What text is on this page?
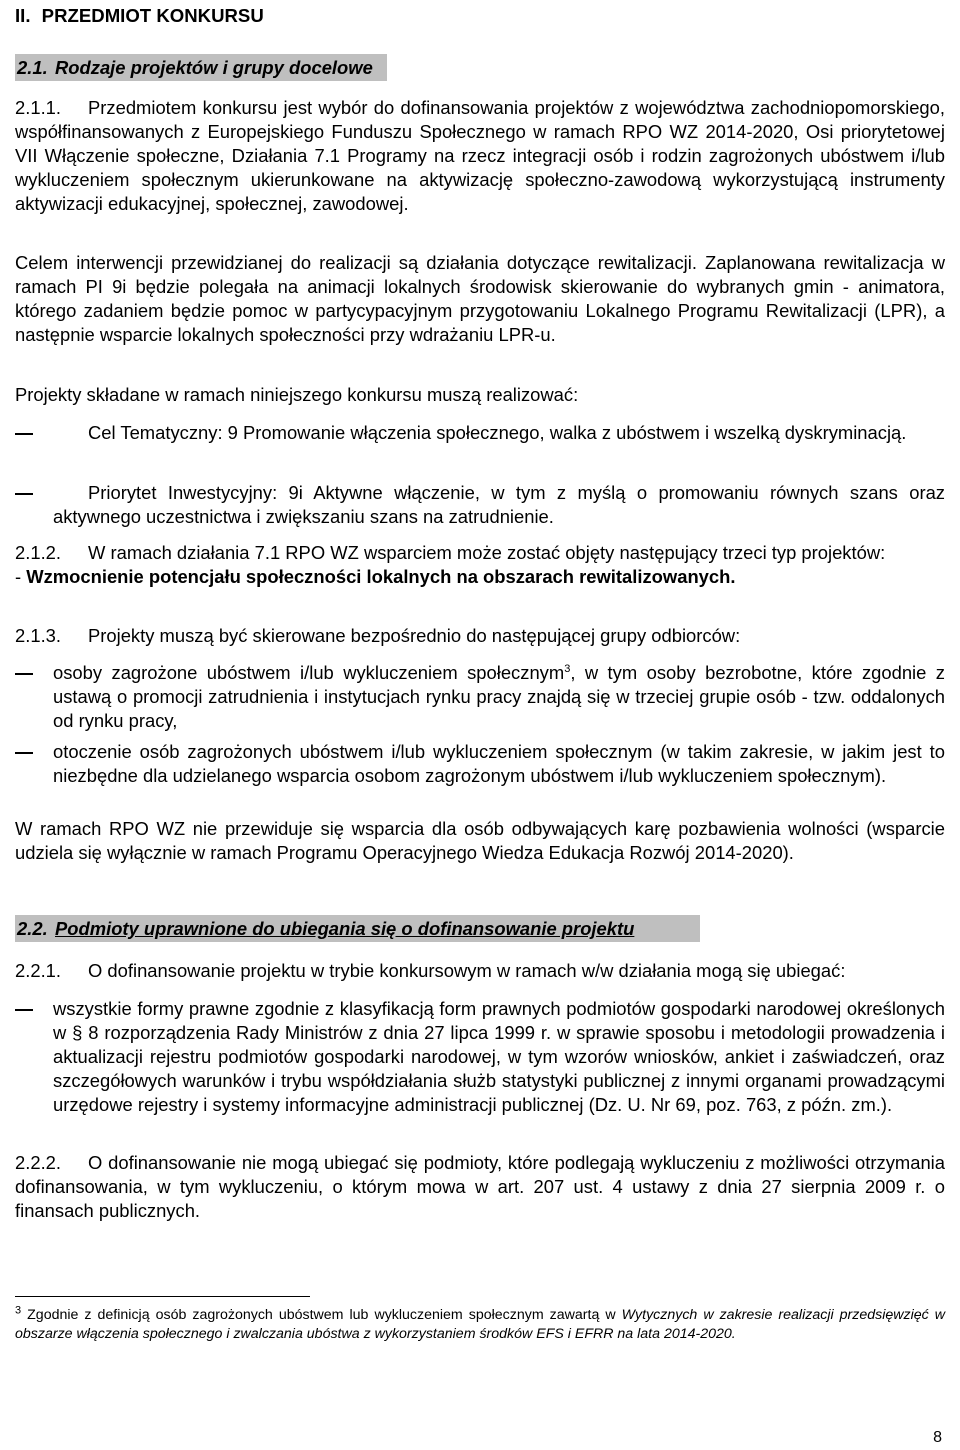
II. PRZEDMIOT KONKURSU
2.1. Rodzaje projektów i grupy docelowe

2.1.1. Przedmiotem konkursu jest wybór do dofinansowania projektów z województwa zachodniopomorskiego, współfinansowanych z Europejskiego Funduszu Społecznego w ramach RPO WZ 2014-2020, Osi priorytetowej VII Włączenie społeczne, Działania 7.1 Programy na rzecz integracji osób i rodzin zagrożonych ubóstwem i/lub wykluczeniem społecznym ukierunkowane na aktywizację społeczno-zawodową wykorzystującą instrumenty aktywizacji edukacyjnej, społecznej, zawodowej.

Celem interwencji przewidzianej do realizacji są działania dotyczące rewitalizacji. Zaplanowana rewitalizacja w ramach PI 9i będzie polegała na animacji lokalnych środowisk skierowanie do wybranych gmin - animatora, którego zadaniem będzie pomoc w partycypacyjnym przygotowaniu Lokalnego Programu Rewitalizacji (LPR), a następnie wsparcie lokalnych społeczności przy wdrażaniu LPR-u.

Projekty składane w ramach niniejszego konkursu muszą realizować:

Cel Tematyczny: 9 Promowanie włączenia społecznego, walka z ubóstwem i wszelką dyskryminacją.
Priorytet Inwestycyjny: 9i Aktywne włączenie, w tym z myślą o promowaniu równych szans oraz aktywnego uczestnictwa i zwiększaniu szans na zatrudnienie.

2.1.2. W ramach działania 7.1 RPO WZ wsparciem może zostać objęty następujący trzeci typ projektów:
- Wzmocnienie potencjału społeczności lokalnych na obszarach rewitalizowanych.

2.1.3. Projekty muszą być skierowane bezpośrednio do następującej grupy odbiorców:

osoby zagrożone ubóstwem i/lub wykluczeniem społecznym$^3$, w tym osoby bezrobotne, które zgodnie z ustawą o promocji zatrudnienia i instytucjach rynku pracy znajdą się w trzeciej grupie osób - tzw. oddalonych od rynku pracy,
otoczenie osób zagrożonych ubóstwem i/lub wykluczeniem społecznym (w takim zakresie, w jakim jest to niezbędne dla udzielanego wsparcia osobom zagrożonym ubóstwem i/lub wykluczeniem społecznym).

W ramach RPO WZ nie przewiduje się wsparcia dla osób odbywających karę pozbawienia wolności (wsparcie udziela się wyłącznie w ramach Programu Operacyjnego Wiedza Edukacja Rozwój 2014-2020).

2.2. Podmioty uprawnione do ubiegania się o dofinansowanie projektu

2.2.1. O dofinansowanie projektu w trybie konkursowym w ramach w/w działania mogą się ubiegać:

wszystkie formy prawne zgodnie z klasyfikacją form prawnych podmiotów gospodarki narodowej określonych w § 8 rozporządzenia Rady Ministrów z dnia 27 lipca 1999 r. w sprawie sposobu i metodologii prowadzenia i aktualizacji rejestru podmiotów gospodarki narodowej, w tym wzorów wniosków, ankiet i zaświadczeń, oraz szczegółowych warunków i trybu współdziałania służb statystyki publicznej z innymi organami prowadzącymi urzędowe rejestry i systemy informacyjne administracji publicznej (Dz. U. Nr 69, poz. 763, z późn. zm.).

2.2.2. O dofinansowanie nie mogą ubiegać się podmioty, które podlegają wykluczeniu z możliwości otrzymania dofinansowania, w tym wykluczeniu, o którym mowa w art. 207 ust. 4 ustawy z dnia 27 sierpnia 2009 r. o finansach publicznych.

$^3$ Zgodnie z definicją osób zagrożonych ubóstwem lub wykluczeniem społecznym zawartą w Wytycznych w zakresie realizacji przedsięwzięć w obszarze włączenia społecznego i zwalczania ubóstwa z wykorzystaniem środków EFS i EFRR na lata 2014-2020.
8
